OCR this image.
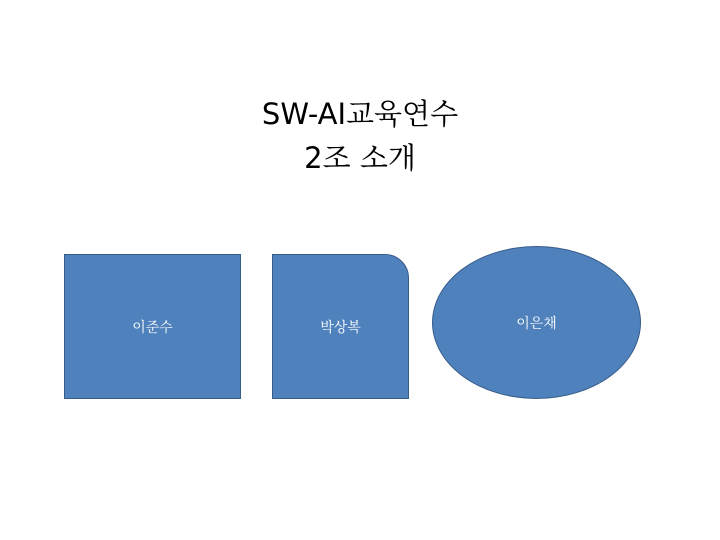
SW-AI교육연수
2조 소개
이준수	박상복	이은채
